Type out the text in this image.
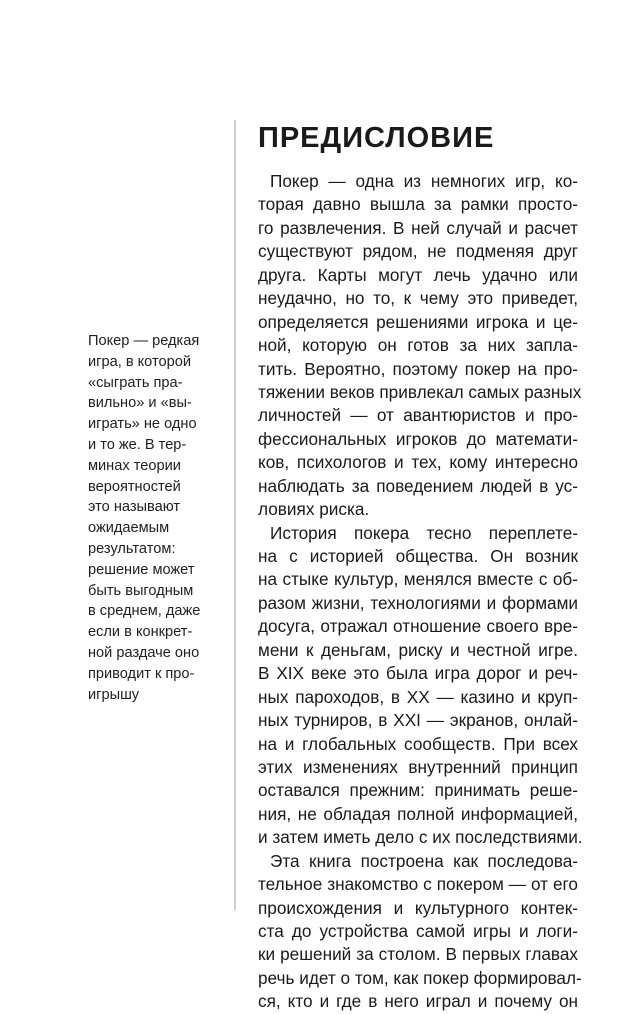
ПРЕДИСЛОВИЕ
Покер — редкая
игра, в которой
«сыграть пра-
вильно» и «вы-
играть» не одно
и то же. В тер-
минах теории
вероятностей
это называют
ожидаемым
результатом:
решение может
быть выгодным
в среднем, даже
если в конкрет-
ной раздаче оно
приводит к про-
игрышу
Покер — одна из немногих игр, ко-
торая давно вышла за рамки просто-
го развлечения. В ней случай и расчет
существуют рядом, не подменяя друг
друга. Карты могут лечь удачно или
неудачно, но то, к чему это приведет,
определяется решениями игрока и це-
ной, которую он готов за них запла-
тить. Вероятно, поэтому покер на про-
тяжении веков привлекал самых разных
личностей — от авантюристов и про-
фессиональных игроков до математи-
ков, психологов и тех, кому интересно
наблюдать за поведением людей в ус-
ловиях риска.
История покера тесно переплете-
на с историей общества. Он возник
на стыке культур, менялся вместе с об-
разом жизни, технологиями и формами
досуга, отражал отношение своего вре-
мени к деньгам, риску и честной игре.
В XIX веке это была игра дорог и реч-
ных пароходов, в XX — казино и круп-
ных турниров, в XXI — экранов, онлай-
на и глобальных сообществ. При всех
этих изменениях внутренний принцип
оставался прежним: принимать реше-
ния, не обладая полной информацией,
и затем иметь дело с их последствиями.
Эта книга построена как последова-
тельное знакомство с покером — от его
происхождения и культурного контек-
ста до устройства самой игры и логи-
ки решений за столом. В первых главах
речь идет о том, как покер формировал-
ся, кто и где в него играл и почему он
